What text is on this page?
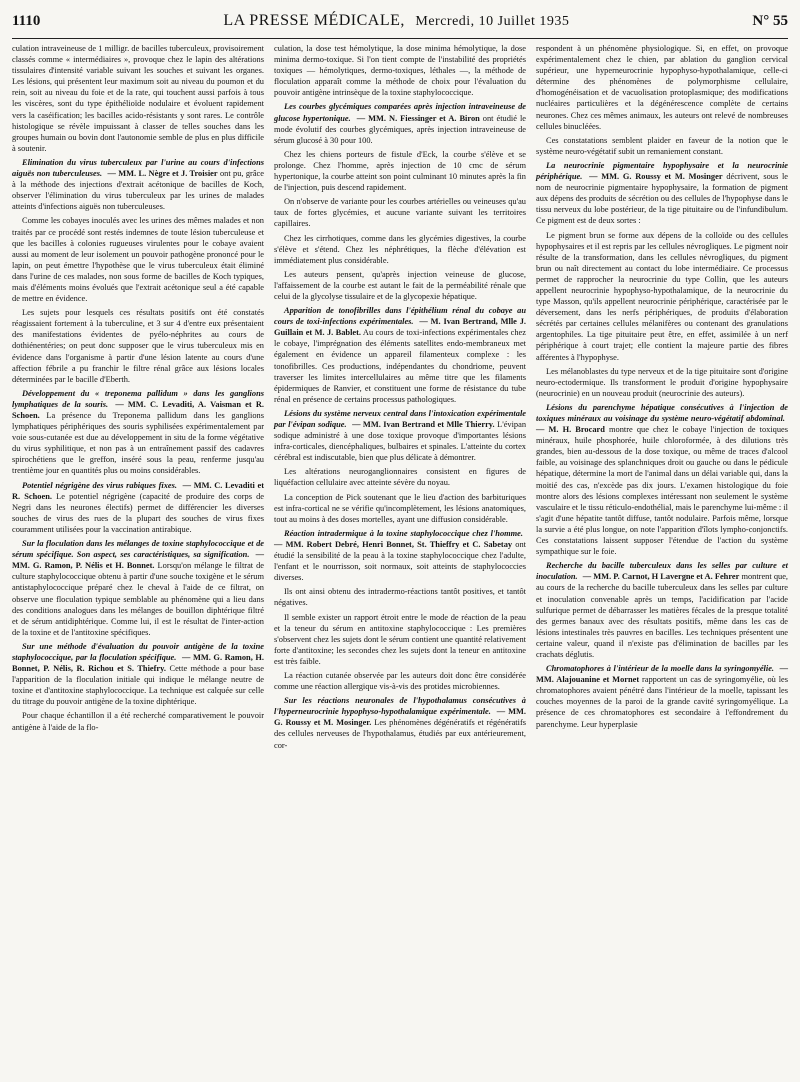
1110	LA PRESSE MÉDICALE, Mercredi, 10 Juillet 1935	N° 55

culation intraveineuse de 1 milligr. de bacilles tuberculeux, provisoirement classés comme « intermédiaires », provoque chez le lapin des altérations tissulaires d'intensité variable suivant les souches et suivant les organes. Les lésions, qui présentent leur maximum soit au niveau du poumon et du rein, soit au niveau du foie et de la rate, qui touchent aussi parfois à tous les viscères, sont du type épithélioïde nodulaire et évoluent rapidement vers la caséification; les bacilles acido-résistants y sont rares. Le contrôle histologique se révèle impuissant à classer de telles souches dans les groupes humain ou bovin dont l'autonomie semble de plus en plus difficile à soutenir.

Elimination du virus tuberculeux par l'urine au cours d'infections aiguës non tuberculeuses. — MM. L. Nègre et J. Troisier ont pu, grâce à la méthode des injections d'extrait acétonique de bacilles de Koch, observer l'élimination du virus tuberculeux par les urines de malades atteints d'infections aiguës non tuberculeuses.

Comme les cobayes inoculés avec les urines des mêmes malades et non traités par ce procédé sont restés indemnes de toute lésion tuberculeuse et que les bacilles à colonies rugueuses virulentes pour le cobaye avaient aussi au moment de leur isolement un pouvoir pathogène prononcé pour le lapin, on peut émettre l'hypothèse que le virus tuberculeux était éliminé dans l'urine de ces malades, non sous forme de bacilles de Koch typiques, mais d'éléments moins évolués que l'extrait acétonique seul a été capable de mettre en évidence.

Les sujets pour lesquels ces résultats positifs ont été constatés réagissaient fortement à la tuberculine, et 3 sur 4 d'entre eux présentaient des manifestations évidentes de pyélo-néphrites au cours de dothiénentéries; on peut donc supposer que le virus tuberculeux mis en évidence dans l'organisme à partir d'une lésion latente au cours d'une affection fébrile a pu franchir le filtre rénal grâce aux lésions locales déterminées par le bacille d'Eberth.

Développement du « treponema pallidum » dans les ganglions lymphatiques de la souris. — MM. C. Levaditi, A. Vaisman et R. Schoen. La présence du Treponema pallidum dans les ganglions lymphatiques périphériques des souris syphilisées expérimentalement par voie sous-cutanée est due au développement in situ de la forme végétative du virus syphilitique, et non pas à un entraînement passif des cadavres spirochétiens que le greffon, inséré sous la peau, renferme jusqu'au trentième jour en quantités plus ou moins considérables.

Potentiel négrigène des virus rabiques fixes. — MM. C. Levaditi et R. Schoen. Le potentiel négrigène (capacité de produire des corps de Negri dans les neurones électifs) permet de différencier les diverses souches de virus des rues de la plupart des souches de virus fixes couramment utilisées pour la vaccination antirabique.

Sur la floculation dans les mélanges de toxine staphylococcique et de sérum spécifique. Son aspect, ses caractéristiques, sa signification. — MM. G. Ramon, P. Nélis et H. Bonnet. Lorsqu'on mélange le filtrat de culture staphylococcique obtenu à partir d'une souche toxigène et le sérum antistaphylococcique préparé chez le cheval à l'aide de ce filtrat, on observe une floculation typique semblable au phénomène qui a lieu dans des conditions analogues dans les mélanges de bouillon diphtérique filtré et de sérum antidiphtérique. Comme lui, il est le résultat de l'inter-action de la toxine et de l'antitoxine spécifiques.

Sur une méthode d'évaluation du pouvoir antigène de la toxine staphylococcique, par la floculation spécifique. — MM. G. Ramon, H. Bonnet, P. Nélis, R. Richou et S. Thiefry. Cette méthode a pour base l'apparition de la floculation initiale qui indique le mélange neutre de toxine et d'antitoxine staphylococcique. La technique est calquée sur celle du titrage du pouvoir antigène de la toxine diphtérique.

Pour chaque échantillon il a été recherché comparativement le pouvoir antigène à l'aide de la flo-

culation, la dose test hémolytique, la dose minima hémolytique, la dose minima dermo-toxique. Si l'on tient compte de l'instabilité des propriétés toxiques — hémolytiques, dermo-toxiques, léthales —, la méthode de floculation apparaît comme la méthode de choix pour l'évaluation du pouvoir antigène intrinsèque de la toxine staphylococcique.

Les courbes glycémiques comparées après injection intraveineuse de glucose hypertonique. — MM. N. Fiessinger et A. Biron ont étudié le mode évolutif des courbes glycémiques, après injection intraveineuse de sérum glucosé à 30 pour 100.

Chez les chiens porteurs de fistule d'Eck, la courbe s'élève et se prolonge. Chez l'homme, après injection de 10 cmc de sérum hypertonique, la courbe atteint son point culminant 10 minutes après la fin de l'injection, puis descend rapidement.

On n'observe de variante pour les courbes artérielles ou veineuses qu'au taux de fortes glycémies, et aucune variante suivant les territoires capillaires.

Chez les cirrhotiques, comme dans les glycémies digestives, la courbe s'élève et s'étend. Chez les néphrétiques, la flèche d'élévation est immédiatement plus considérable.

Les auteurs pensent, qu'après injection veineuse de glucose, l'affaissement de la courbe est autant le fait de la perméabilité rénale que celui de la glycolyse tissulaire et de la glycopexie hépatique.

Apparition de tonofibrilles dans l'épithélium rénal du cobaye au cours de toxi-infections expérimentales. — M. Ivan Bertrand, Mlle J. Guillain et M. J. Bablet. Au cours de toxi-infections expérimentales chez le cobaye, l'imprégnation des éléments satellites endo-membraneux met également en évidence un appareil filamenteux complexe : les tonofibrilles. Ces productions, indépendantes du chondriome, peuvent traverser les limites intercellulaires au même titre que les filaments épidermiques de Ranvier, et constituent une forme de résistance du tube rénal en présence de certains processus pathologiques.

Lésions du système nerveux central dans l'intoxication expérimentale par l'évipan sodique. — MM. Ivan Bertrand et Mlle Thierry. L'évipan sodique administré à une dose toxique provoque d'importantes lésions infra-corticales, diencéphaliques, bulbaires et spinales. L'atteinte du cortex cérébral est indiscutable, bien que plus délicate à démontrer.

Les altérations neuroganglionnaires consistent en figures de liquéfaction cellulaire avec atteinte sévère du noyau.

La conception de Pick soutenant que le lieu d'action des barbituriques est infra-cortical ne se vérifie qu'incomplètement, les lésions anatomiques, tout au moins à des doses mortelles, ayant une diffusion considérable.

Réaction intradermique à la toxine staphylococcique chez l'homme. — MM. Robert Debré, Henri Bonnet, St. Thieffry et C. Sabetay ont étudié la sensibilité de la peau à la toxine staphylococcique chez l'adulte, l'enfant et le nourrisson, soit normaux, soit atteints de staphylococcies diverses.

Ils ont ainsi obtenu des intradermo-réactions tantôt positives, et tantôt négatives.

Il semble exister un rapport étroit entre le mode de réaction de la peau et la teneur du sérum en antitoxine staphylococcique : Les premières s'observent chez les sujets dont le sérum contient une quantité relativement forte d'antitoxine; les secondes chez les sujets dont la teneur en antitoxine est très faible.

La réaction cutanée observée par les auteurs doit donc être considérée comme une réaction allergique vis-à-vis des protides microbiennes.

Sur les réactions neuronales de l'hypothalamus consécutives à l'hyperneurocrinie hypophyso-hypothalamique expérimentale. — MM. G. Roussy et M. Mosinger. Les phénomènes dégénératifs et régénératifs des cellules nerveuses de l'hypothalamus, étudiés par eux antérieurement, cor-

respondent à un phénomène physiologique. Si, en effet, on provoque expérimentalement chez le chien, par ablation du ganglion cervical supérieur, une hyperneurocrinie hypophyso-hypothalamique, celle-ci détermine des phénomènes de polymorphisme cellulaire, d'homogénéisation et de vacuolisation protoplasmique; des modifications nucléaires particulières et la dégénérescence complète de certains neurones. Chez ces mêmes animaux, les auteurs ont relevé de nombreuses cellules binucléées.

Ces constatations semblent plaider en faveur de la notion que le système neuro-végétatif subit un remaniement constant.

La neurocrinie pigmentaire hypophysaire et la neurocrinie périphérique. — MM. G. Roussy et M. Mosinger décrivent, sous le nom de neurocrinie pigmentaire hypophysaire, la formation de pigment aux dépens des produits de sécrétion ou des cellules de l'hypophyse dans le tissu nerveux du lobe postérieur, de la tige pituitaire ou de l'infundibulum. Ce pigment est de deux sortes :

Le pigment brun se forme aux dépens de la colloïde ou des cellules hypophysaires et il est repris par les cellules névrogliques. Le pigment noir résulte de la transformation, dans les cellules névrogliques, du pigment brun ou naît directement au contact du lobe intermédiaire. Ce processus permet de rapprocher la neurocrinie du type Collin, que les auteurs appellent neurocrinie hypophyso-hypothalamique, de la neurocrinie du type Masson, qu'ils appellent neurocrinie périphérique, caractérisée par le déversement, dans les nerfs périphériques, de produits d'élaboration sécrétés par certaines cellules mélanifères ou contenant des granulations argentophiles. La tige pituitaire peut être, en effet, assimilée à un nerf périphérique à court trajet; elle contient la majeure partie des fibres afférentes à l'hypophyse.

Les mélanoblastes du type nerveux et de la tige pituitaire sont d'origine neuro-ectodermique. Ils transforment le produit d'origine hypophysaire (neurocrinie) en un nouveau produit (neurocrinie des auteurs).

Lésions du parenchyme hépatique consécutives à l'injection de toxiques minéraux au voisinage du système neuro-végétatif abdominal. — M. H. Brocard montre que chez le cobaye l'injection de toxiques minéraux, huile phosphorée, huile chloroformée, à des dilutions très grandes, bien au-dessous de la dose toxique, ou même de traces d'alcool faible, au voisinage des splanchniques droit ou gauche ou dans le pédicule hépatique, détermine la mort de l'animal dans un délai variable qui, dans la moitié des cas, n'excède pas dix jours. L'examen histologique du foie montre alors des lésions complexes intéressant non seulement le système vasculaire et le tissu réticulo-endothélial, mais le parenchyme lui-même : il s'agit d'une hépatite tantôt diffuse, tantôt nodulaire. Parfois même, lorsque la survie a été plus longue, on note l'apparition d'îlots lympho-conjonctifs. Ces constatations laissent supposer l'étendue de l'action du système sympathique sur le foie.

Recherche du bacille tuberculeux dans les selles par culture et inoculation. — MM. P. Carnot, H Lavergne et A. Fehrer montrent que, au cours de la recherche du bacille tuberculeux dans les selles par culture et inoculation convenable après un temps, l'acidification par l'acide sulfurique permet de débarrasser les matières fécales de la presque totalité des germes banaux avec des résultats positifs, même dans les cas de lésions intestinales très pauvres en bacilles. Les techniques présentent une certaine valeur, quand il n'existe pas d'élimination de bacilles par les crachats déglutis.

Chromatophores à l'intérieur de la moelle dans la syringomyélie. — MM. Alajouanine et Mornet rapportent un cas de syringomyélie, où les chromatophores avaient pénétré dans l'intérieur de la moelle, tapissant les couches moyennes de la paroi de la grande cavité syringomyélique. La présence de ces chromatophores est secondaire à l'effondrement du parenchyme. Leur hyperplasie
